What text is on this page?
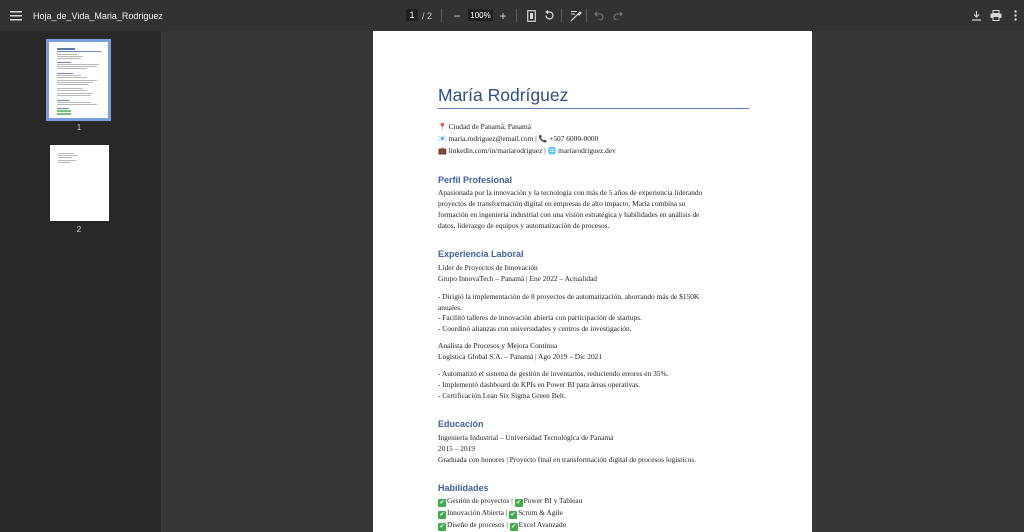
Hoja_de_Vida_Maria_Rodriguez	1 / 2 −	100% +
1
2
María Rodríguez
📍 Ciudad de Panamá, Panamá
📧 maria.rodriguez@email.com | 📞 +507 6000-0000
💼 linkedin.com/in/mariarodriguez | 🌐 mariarodriguez.dev
Perfil Profesional
Apasionada por la innovación y la tecnología con más de 5 años de experiencia liderando
proyectos de transformación digital en empresas de alto impacto. María combina su
formación en ingeniería industrial con una visión estratégica y habilidades en análisis de
datos, liderazgo de equipos y automatización de procesos.
Experiencia Laboral
Líder de Proyectos de Innovación
Grupo InnovaTech – Panamá | Ene 2022 – Actualidad
- Dirigió la implementación de 8 proyectos de automatización, ahorrando más de $150K
anuales.
- Facilitó talleres de innovación abierta con participación de startups.
- Coordinó alianzas con universidades y centros de investigación.
Analista de Procesos y Mejora Continua
Logística Global S.A. – Panamá | Ago 2019 – Dic 2021
- Automatizó el sistema de gestión de inventarios, reduciendo errores en 35%.
- Implementó dashboard de KPIs en Power BI para áreas operativas.
- Certificación Lean Six Sigma Green Belt.
Educación
Ingeniería Industrial – Universidad Tecnológica de Panamá
2015 – 2019
Graduada con honores | Proyecto final en transformación digital de procesos logísticos.
Habilidades
✔ Gestión de proyectos | ✔ Power BI y Tableau
✔ Innovación Abierta | ✔ Scrum & Agile
✔ Diseño de procesos | ✔ Excel Avanzado
